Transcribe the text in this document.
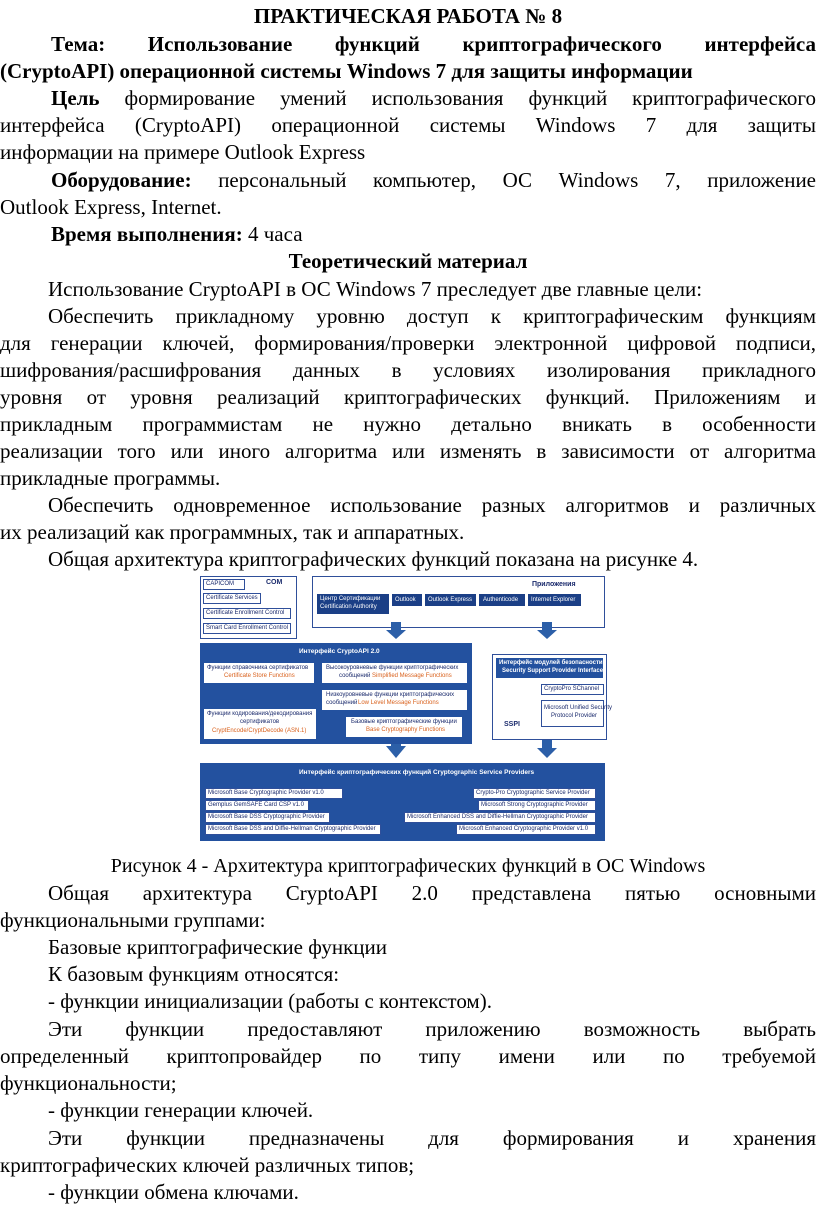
ПРАКТИЧЕСКАЯ РАБОТА № 8
Тема: Использование функций криптографического интерфейса
(CryptoAPI) операционной системы Windows 7 для защиты информации
Цель формирование умений использования функций криптографического
интерфейса (CryptoAPI) операционной системы Windows 7 для защиты
информации на примере Outlook Express
Оборудование: персональный компьютер, ОС Windows 7, приложение
Outlook Express, Internet.
Время выполнения: 4 часа
Теоретический материал
Использование CryptoAPI в ОС Windows 7 преследует две главные цели:
Обеспечить прикладному уровню доступ к криптографическим функциям
для генерации ключей, формирования/проверки электронной цифровой подписи,
шифрования/расшифрования данных в условиях изолирования прикладного
уровня от уровня реализаций криптографических функций. Приложениям и
прикладным программистам не нужно детально вникать в особенности
реализации того или иного алгоритма или изменять в зависимости от алгоритма
прикладные программы.
Обеспечить одновременное использование разных алгоритмов и различных
их реализаций как программных, так и аппаратных.
Общая архитектура криптографических функций показана на рисунке 4.
COM
CAPICOM
Certificate Services
Certificate Enrollment Control
Smart Card Enrollment Control
Приложения
Центр Сертификации
Certification Authority
Outlook Outlook Express Authenticode Internet Explorer
Интерфейс CryptoAPI 2.0
Функции справочника сертификатов
Certificate Store Functions
Высокоуровневые функции криптографических
сообщений Simplified Message Functions
Низкоуровневые функции криптографических
сообщений Low Level Message Functions
Функции кодирования/декодирования
сертификатов
CryptEncode/CryptDecode (ASN.1)
Базовые криптографические функции
Base Cryptography Functions
Интерфейс модулей безопасности
Security Support Provider Interface
CryptoPro SChannel
Microsoft Unified Security
Protocol Provider
SSPI
Интерфейс криптографических функций Cryptographic Service Providers
Microsoft Base Cryptographic Provider v1.0
Gemplus GemSAFE Card CSP v1.0
Microsoft Base DSS Cryptographic Provider
Microsoft Base DSS and Diffie-Hellman Cryptographic Provider
Crypto-Pro Cryptographic Service Provider
Microsoft Strong Cryptographic Provider
Microsoft Enhanced DSS and Diffie-Hellman Cryptographic Provider
Microsoft Enhanced Cryptographic Provider v1.0
Рисунок 4 - Архитектура криптографических функций в ОС Windows
Общая архитектура CryptoAPI 2.0 представлена пятью основными
функциональными группами:
Базовые криптографические функции
К базовым функциям относятся:
- функции инициализации (работы с контекстом).
Эти функции предоставляют приложению возможность выбрать
определенный криптопровайдер по типу имени или по требуемой
функциональности;
- функции генерации ключей.
Эти функции предназначены для формирования и хранения
криптографических ключей различных типов;
- функции обмена ключами.
